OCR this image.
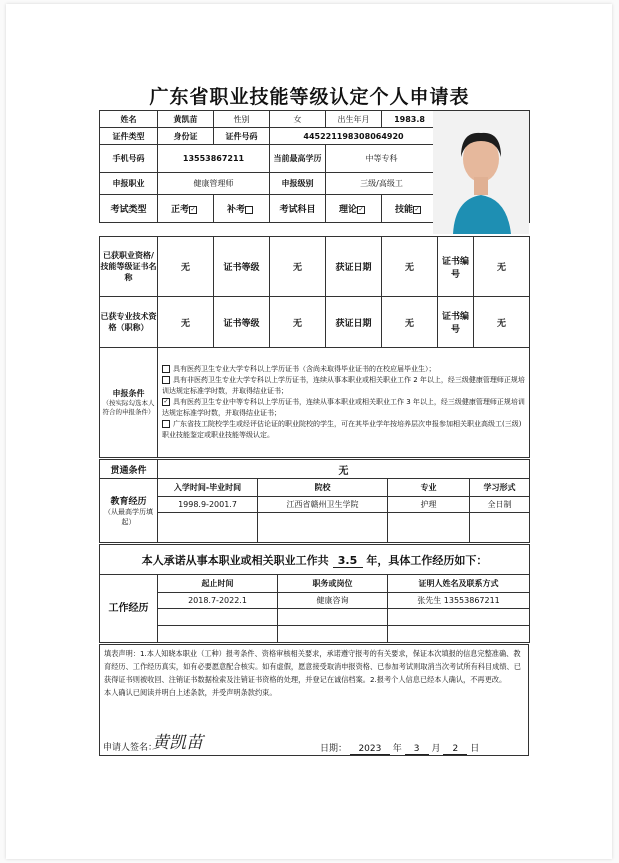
广东省职业技能等级认定个人申请表
姓名	黄凯苗	性别	女	出生年月	1983.8	
证件类型	身份证	证件号码	445221198308064920			
手机号码	13553867211		当前最高学历	中等专科		
申报职业	健康管理师		申报级别	三级/高级工		
考试类型	正考✓	补考	考试科目	理论✓	技能✓	
已获职业资格/技能等级证书名称	无	证书等级	无	获证日期	无	证书编号	无
已获专业技术资格（职称）	无	证书等级	无	获证日期	无	证书编号	无
申报条件
（按实际勾选本人符合的申报条件）

具有医药卫生专业大学专科以上学历证书（含尚未取得毕业证书的在校应届毕业生）；
具有非医药卫生专业大学专科以上学历证书，连续从事本职业或相关职业工作 2 年以上，经三级健康管理师正规培训达规定标准学时数，并取得结业证书；
✓ 具有医药卫生专业中等专科以上学历证书，连续从事本职业或相关职业工作 3 年以上，经三级健康管理师正规培训达规定标准学时数，并取得结业证书；
广东省技工院校学生或经评估论证的职业院校的学生，可在其毕业学年按培养层次申报参加相关职业高级工(三级)职业技能鉴定或职业技能等级认定。
贯通条件	无			

教育经历
（从最高学历填起）	入学时间-毕业时间	院校	专业	学习形式
	1998.9-2001.7	江西省赣州卫生学院	护理	全日制

本人承诺从事本职业或相关职业工作共 3.5 年，具体工作经历如下：			
工作经历	起止时间	职务或岗位	证明人姓名及联系方式
	2018.7-2022.1	健康咨询	张先生 13553867211

填表声明：1.本人知晓本职业（工种）报考条件、资格审核相关要求，承诺遵守报考的有关要求，保证本次填报的信息完整准确、教育经历、工作经历真实，如有必要愿意配合核实。如有虚假，愿意接受取消申报资格、已参加考试则取消当次考试所有科目成绩、已获得证书则被收回、注销证书数据检索及注销证书资格的处理，并登记在诚信档案。2.报考个人信息已经本人确认，不再更改。
本人确认已阅读并明白上述条款，并受声明条款约束。
申请人签名：
黄凯苗	日期： 2023 年 3 月 2 日
